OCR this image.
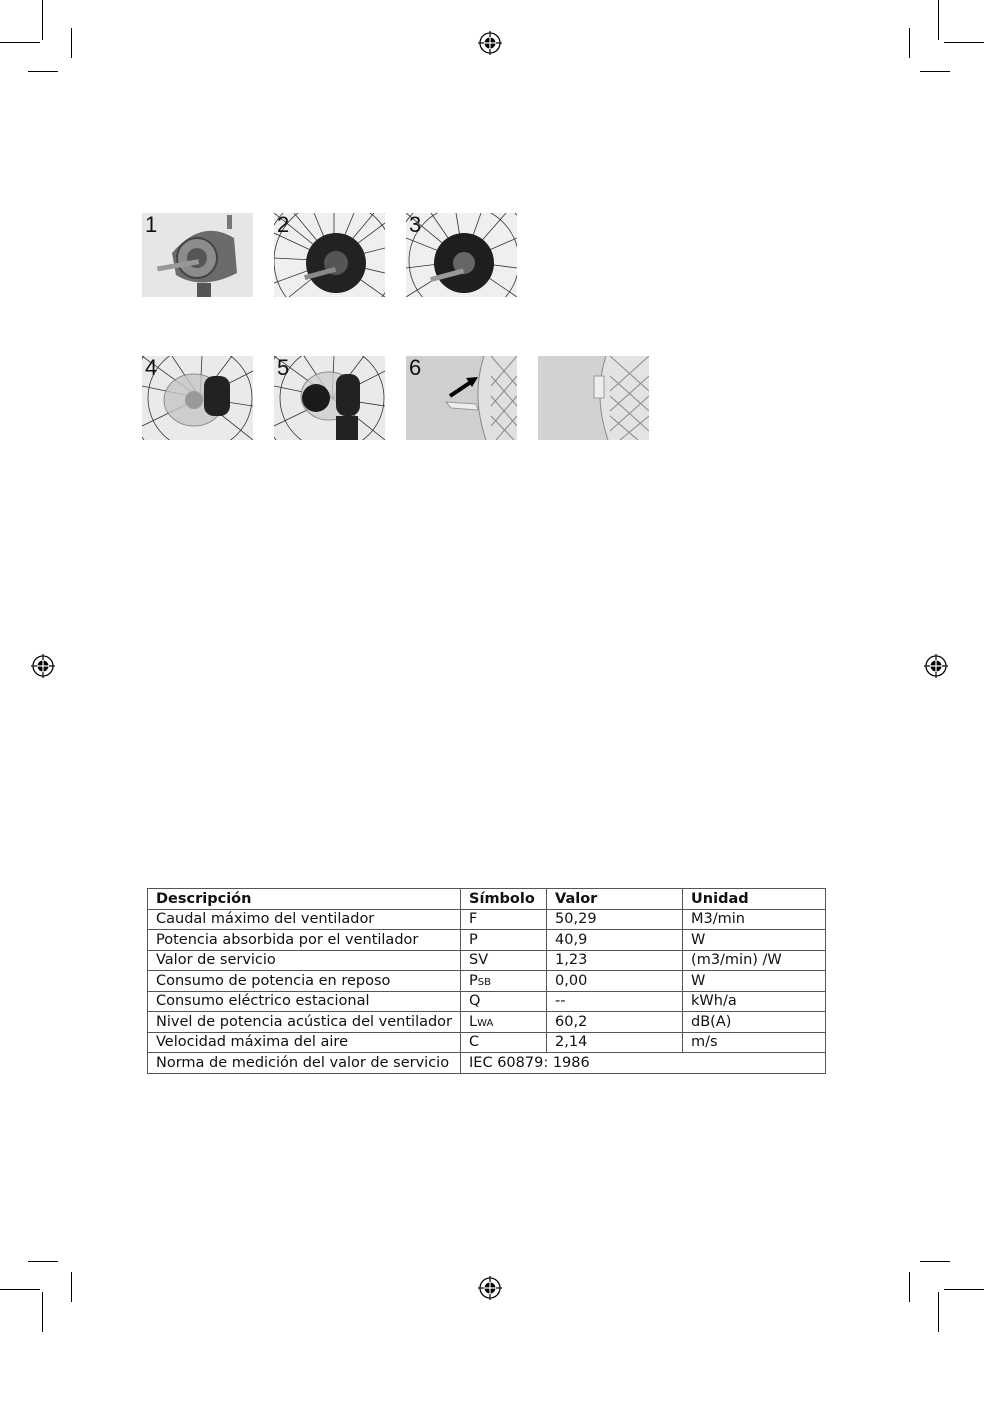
1	2	3
4	5	6
Descripción	Símbolo	Valor	Unidad
Caudal máximo del ventilador	F	50,29	M3/min
Potencia absorbida por el ventilador	P	40,9	W
Valor de servicio	SV	1,23	(m3/min) /W
Consumo de potencia en reposo	PSB	0,00	W
Consumo eléctrico estacional	Q	--	kWh/a
Nivel de potencia acústica del ventilador	LWA	60,2	dB(A)
Velocidad máxima del aire	C	2,14	m/s
Norma de medición del valor de servicio	IEC 60879: 1986		
